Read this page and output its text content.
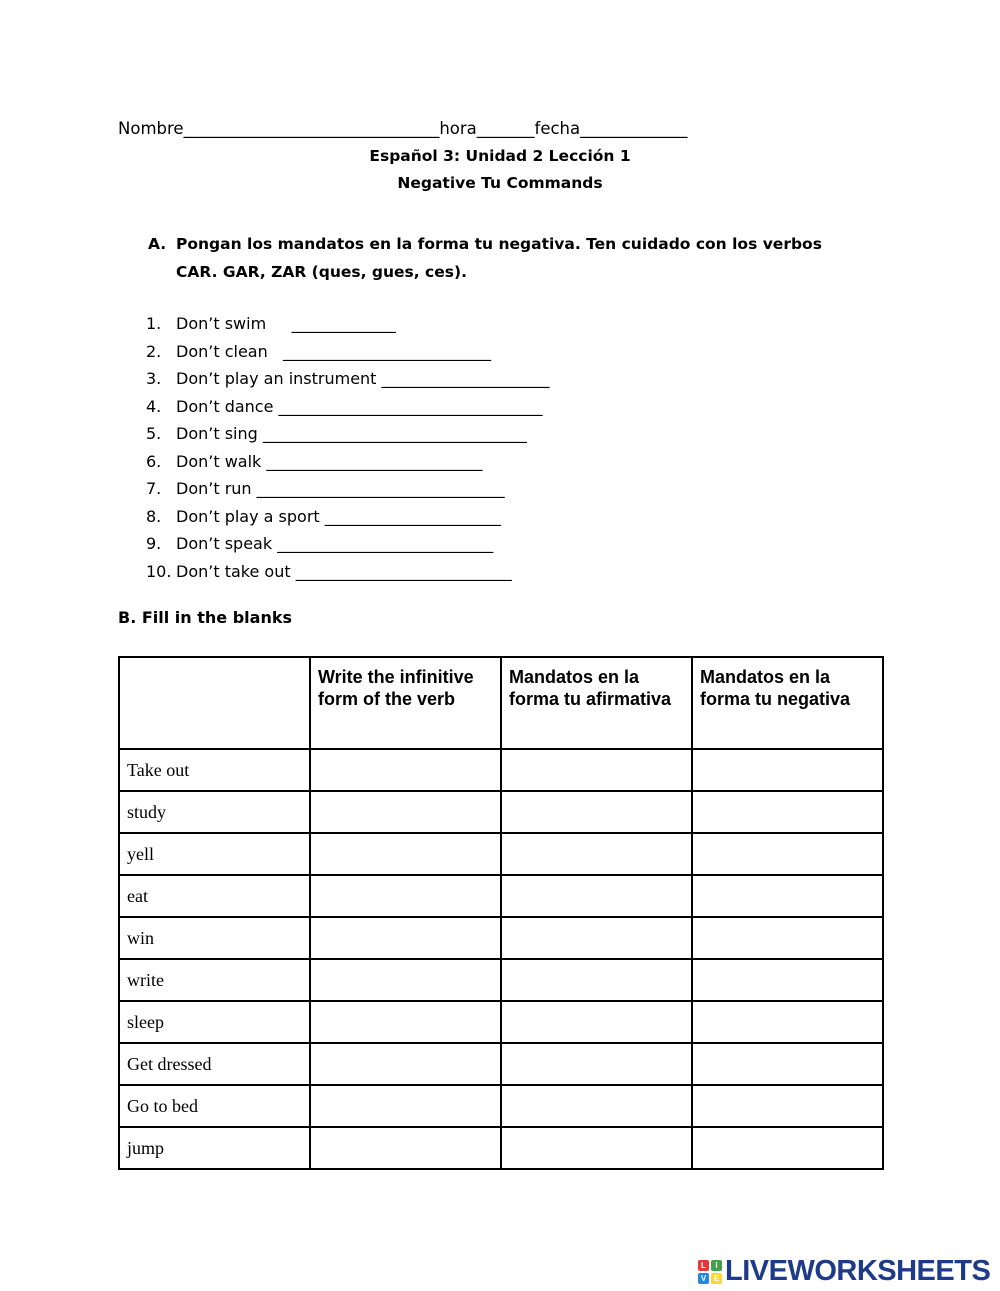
Nombre_______________________________hora_______fecha_____________
Español 3: Unidad 2 Lección 1
Negative Tu Commands
A. Pongan los mandatos en la forma tu negativa. Ten cuidado con los verbos CAR. GAR, ZAR (ques, gues, ces).
1. Don’t swim     _____________
2. Don’t clean   __________________________
3. Don’t play an instrument _____________________
4. Don’t dance _________________________________
5. Don’t sing _________________________________
6. Don’t walk ___________________________
7. Don’t run _______________________________
8. Don’t play a sport ______________________
9. Don’t speak ___________________________
10. Don’t take out ___________________________
B. Fill in the blanks
	Write the infinitive form of the verb	Mandatos en la forma tu afirmativa	Mandatos en la forma tu negativa
Take out			
study			
yell			
eat			
win			
write			
sleep			
Get dressed			
Go to bed			
jump			
L	I
V E LIVEWORKSHEETS
